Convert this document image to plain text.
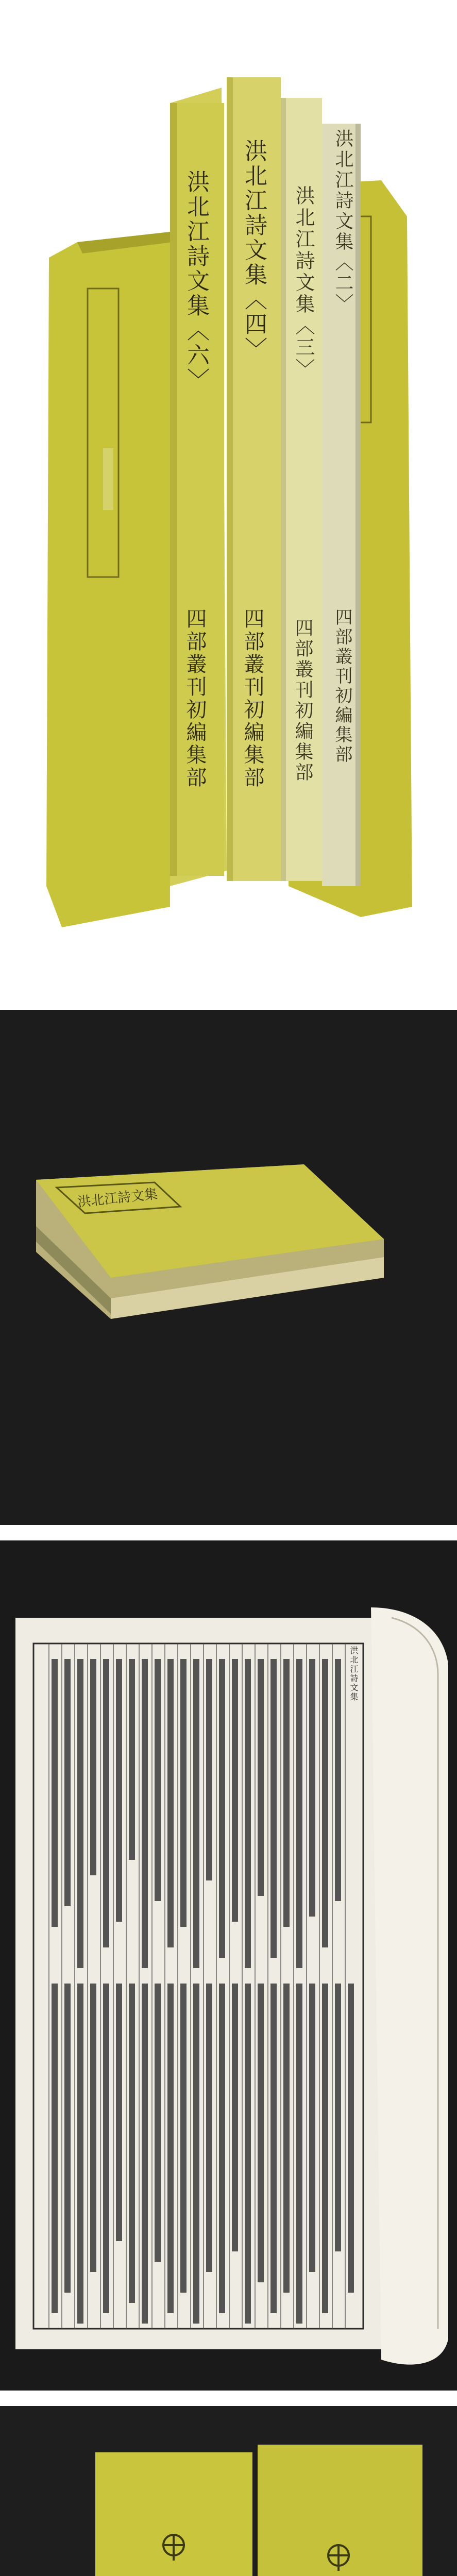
洪北江詩文集〈六〉
四部叢刊初編集部
洪北江詩文集〈四〉
四部叢刊初編集部
洪北江詩文集〈三〉
四部叢刊初編集部
洪北江詩文集〈二〉
四部叢刊初編集部
洪北江詩文集
洪北江詩文集
